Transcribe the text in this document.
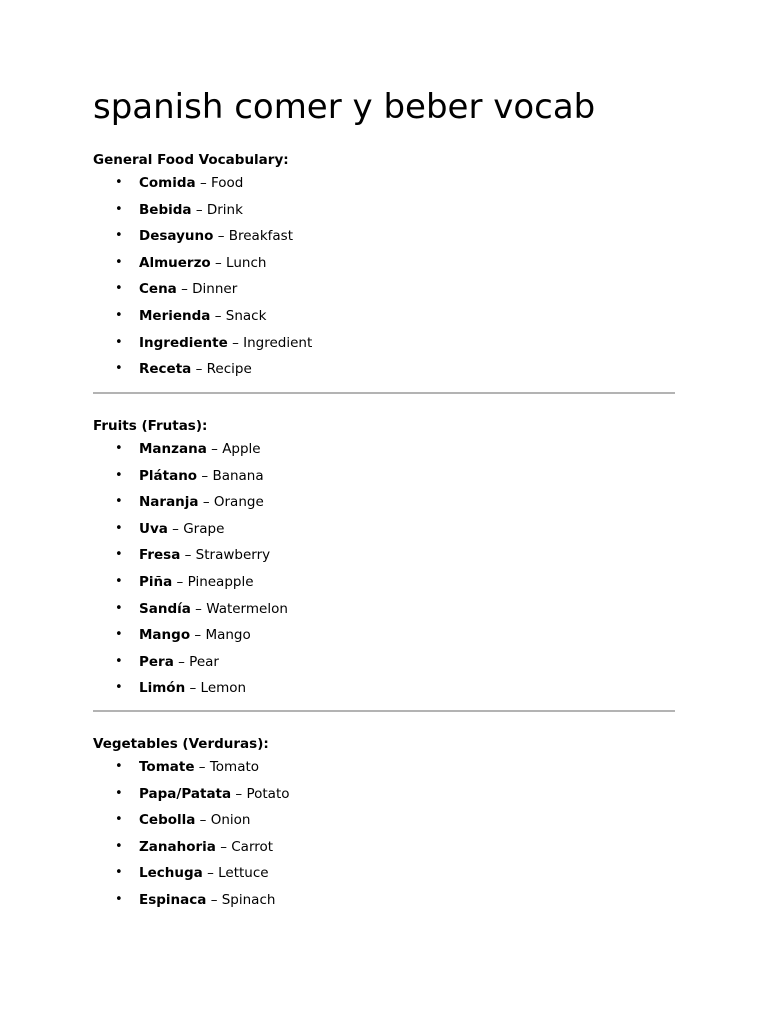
spanish comer y beber vocab
General Food Vocabulary:
• Comida – Food
• Bebida – Drink
• Desayuno – Breakfast
• Almuerzo – Lunch
• Cena – Dinner
• Merienda – Snack
• Ingrediente – Ingredient
• Receta – Recipe
Fruits (Frutas):
• Manzana – Apple
• Plátano – Banana
• Naranja – Orange
• Uva – Grape
• Fresa – Strawberry
• Piña – Pineapple
• Sandía – Watermelon
• Mango – Mango
• Pera – Pear
• Limón – Lemon
Vegetables (Verduras):
• Tomate – Tomato
• Papa/Patata – Potato
• Cebolla – Onion
• Zanahoria – Carrot
• Lechuga – Lettuce
• Espinaca – Spinach
